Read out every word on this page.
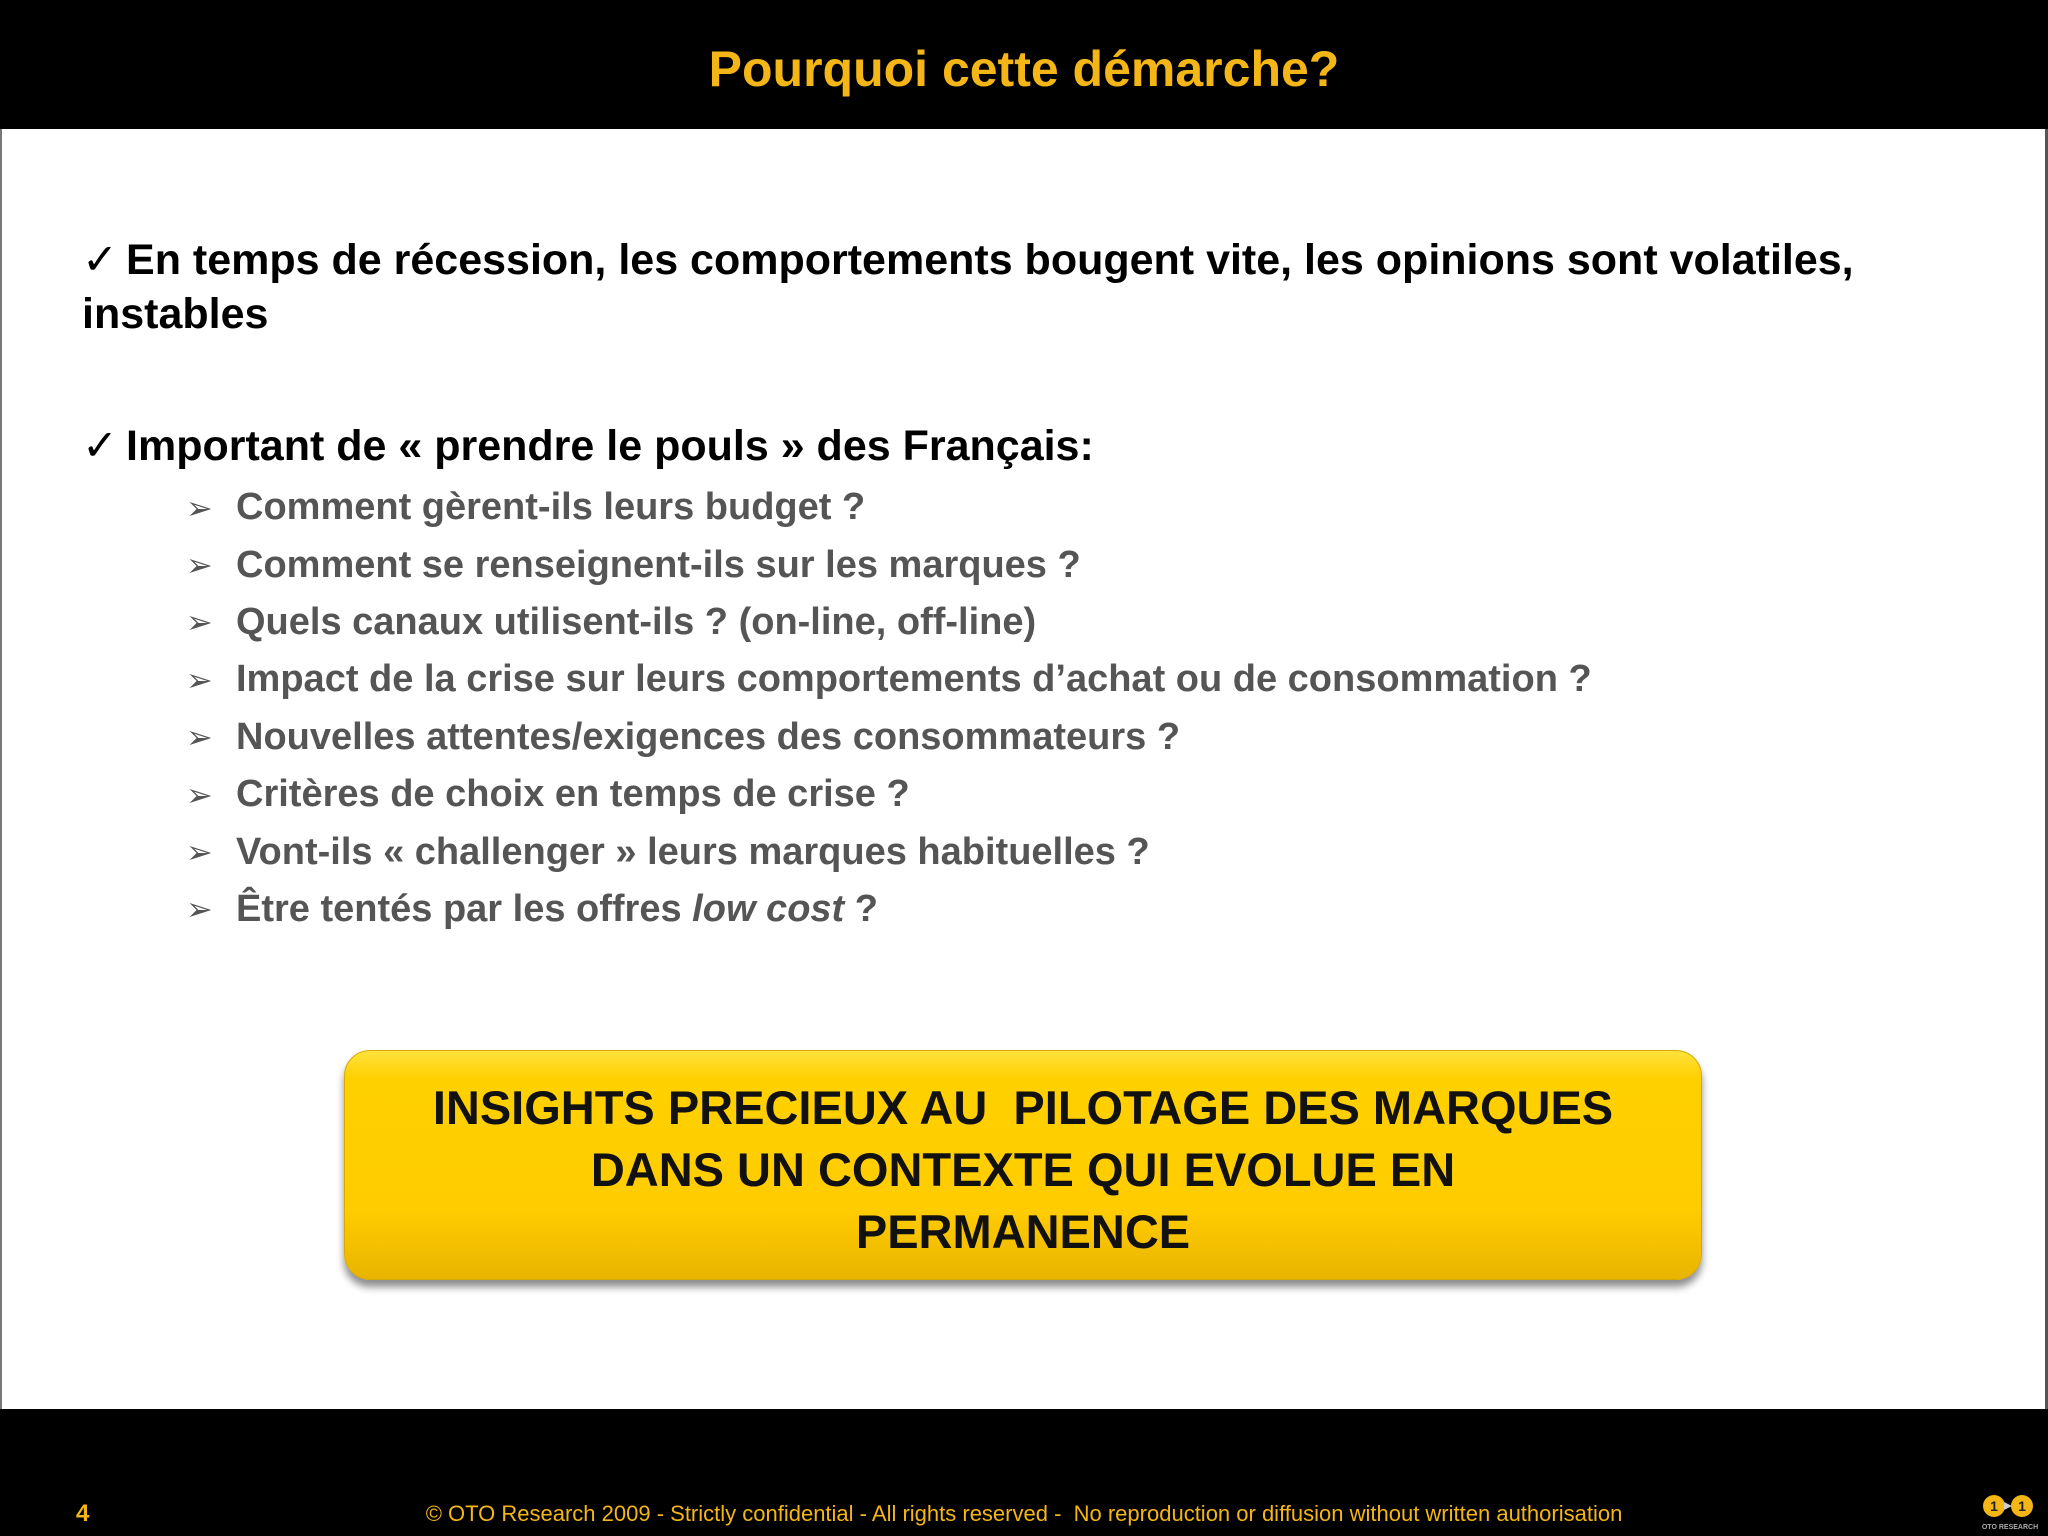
Pourquoi cette démarche?

✓ En temps de récession, les comportements bougent vite, les opinions sont volatiles,
instables

✓ Important de « prendre le pouls » des Français:

➢ Comment gèrent-ils leurs budget ?
➢ Comment se renseignent-ils sur les marques ?
➢ Quels canaux utilisent-ils ? (on-line, off-line)
➢ Impact de la crise sur leurs comportements d’achat ou de consommation ?
➢ Nouvelles attentes/exigences des consommateurs ?
➢ Critères de choix en temps de crise ?
➢ Vont-ils « challenger » leurs marques habituelles ?
➢ Être tentés par les offres low cost ?

INSIGHTS PRECIEUX AU  PILOTAGE DES MARQUES
DANS UN CONTEXTE QUI EVOLUE EN
PERMANENCE

4	© OTO Research 2009 - Strictly confidential - All rights reserved -  No reproduction or diffusion without written authorisation	1 1
OTO RESEARCH
